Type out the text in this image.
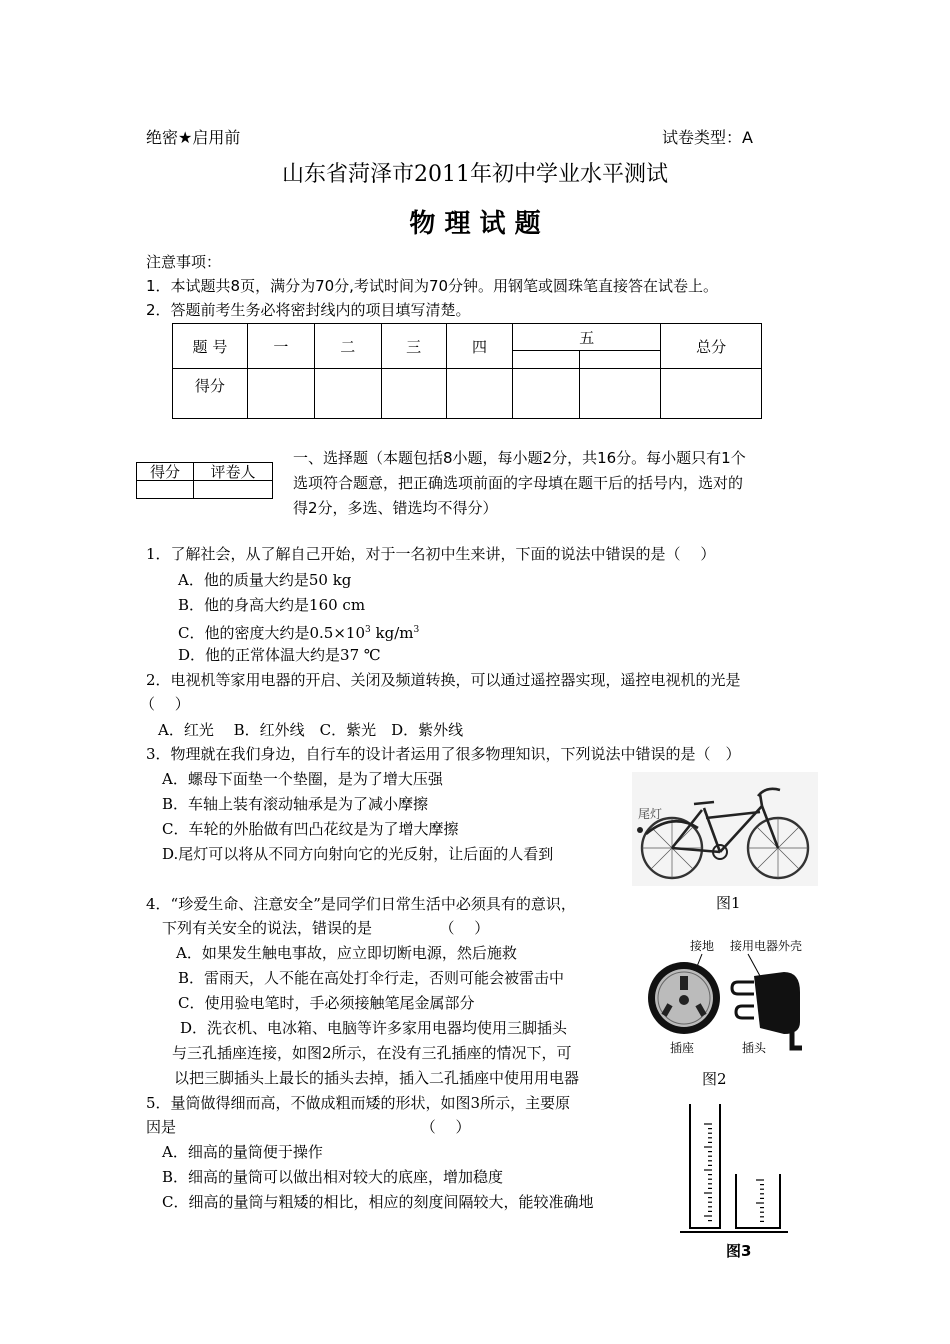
绝密★启用前	试卷类型：A
山东省菏泽市2011年初中学业水平测试
物 理 试 题
注意事项：
1．本试题共8页，满分为70分,考试时间为70分钟。用钢笔或圆珠笔直接答在试卷上。
2．答题前考生务必将密封线内的项目填写清楚。
题 号	一	二	三	四	五		总分

得分							
得分	评卷人

一、选择题（本题包括8小题，每小题2分，共16分。每小题只有1个
选项符合题意，把正确选项前面的字母填在题干后的括号内，选对的
得2分，多选、错选均不得分）
1．了解社会，从了解自己开始，对于一名初中生来讲，下面的说法中错误的是（　 ）
A．他的质量大约是50 kg
B．他的身高大约是160 cm
C．他的密度大约是$0.5\times 10^3$ $kg/m^3$
D．他的正常体温大约是37 ℃
2．电视机等家用电器的开启、关闭及频道转换，可以通过遥控器实现，遥控电视机的光是
（　 ）
A．红光　 B．红外线　C．紫光　D．紫外线
3．物理就在我们身边，自行车的设计者运用了很多物理知识，下列说法中错误的是（　）
A．螺母下面垫一个垫圈，是为了增大压强
B．车轴上装有滚动轴承是为了减小摩擦
C．车轮的外胎做有凹凸花纹是为了增大摩擦
D.尾灯可以将从不同方向射向它的光反射，让后面的人看到
尾灯
图1
4．“珍爱生命、注意安全”是同学们日常生活中必须具有的意识，
下列有关安全的说法，错误的是　　　　　（　 ）
A．如果发生触电事故，应立即切断电源，然后施救
B．雷雨天，人不能在高处打伞行走，否则可能会被雷击中
C．使用验电笔时，手必须接触笔尾金属部分
D．洗衣机、电冰箱、电脑等许多家用电器均使用三脚插头
与三孔插座连接，如图2所示，在没有三孔插座的情况下，可
以把三脚插头上最长的插头去掉，插入二孔插座中使用用电器
接地 接用电器外壳
插座	插头
图2
5．量筒做得细而高，不做成粗而矮的形状，如图3所示，主要原
因是　　　　　　　　　　　　　　　　 （　 ）
A．细高的量筒便于操作
B．细高的量筒可以做出相对较大的底座，增加稳度
C．细高的量筒与粗矮的相比，相应的刻度间隔较大，能较准确地
图3
